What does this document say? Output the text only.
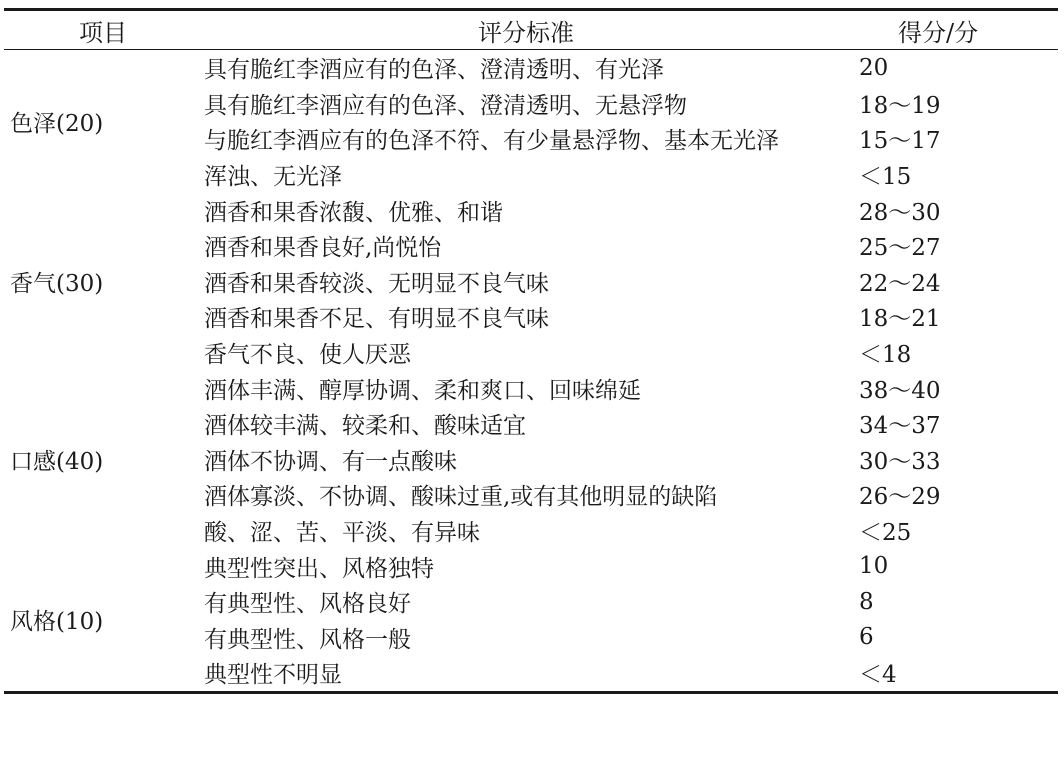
项目	评分标准	得分/分
色泽(20)
具有脆红李酒应有的色泽、澄清透明、有光泽	20
具有脆红李酒应有的色泽、澄清透明、无悬浮物	18～19
与脆红李酒应有的色泽不符、有少量悬浮物、基本无光泽	15～17
浑浊、无光泽	＜15
香气(30)
酒香和果香浓馥、优雅、和谐	28～30
酒香和果香良好,尚悦怡	25～27
酒香和果香较淡、无明显不良气味	22～24
酒香和果香不足、有明显不良气味	18～21
香气不良、使人厌恶	＜18
口感(40)
酒体丰满、醇厚协调、柔和爽口、回味绵延	38～40
酒体较丰满、较柔和、酸味适宜	34～37
酒体不协调、有一点酸味	30～33
酒体寡淡、不协调、酸味过重,或有其他明显的缺陷	26～29
酸、涩、苦、平淡、有异味	＜25
风格(10)
典型性突出、风格独特	10
有典型性、风格良好	8
有典型性、风格一般	6
典型性不明显	＜4
